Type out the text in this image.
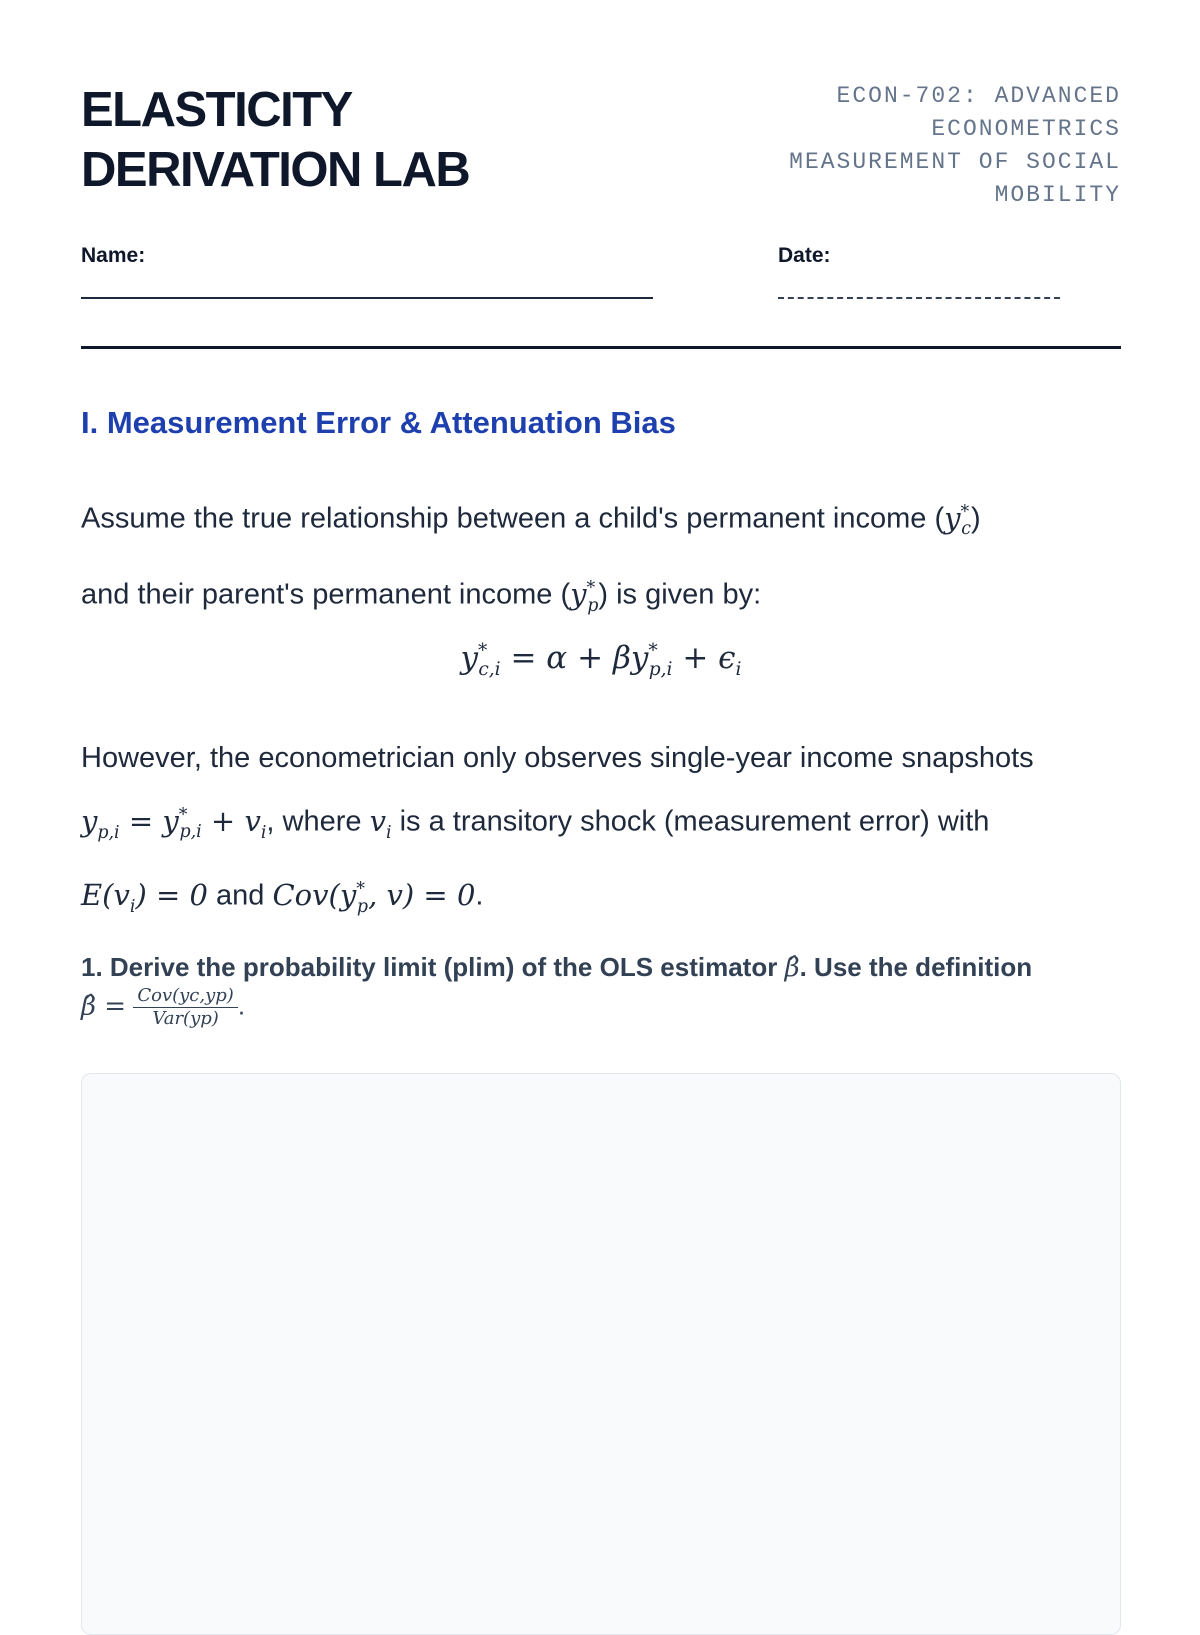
ELASTICITY
DERIVATION LAB
ECON-702: ADVANCED
ECONOMETRICS
MEASUREMENT OF SOCIAL
MOBILITY
Name:	Date:
I. Measurement Error & Attenuation Bias
Assume the true relationship between a child's permanent income $(y^*_c)$
and their parent's permanent income $(y^*_p)$ is given by:
$y^*_{c,i} = \alpha + \beta y^*_{p,i} + \epsilon_i$
However, the econometrician only observes single-year income snapshots
$y_{p,i} = y^*_{p,i} + v_i$, where $v_i$ is a transitory shock (measurement error) with
$E(v_i) = 0$ and $Cov(y^*_p$, v) = 0.
1. Derive the probability limit (plim) of the OLS estimator β̂. Use the definition
β̂ = $\frac{\text{Cov(yc,yp)}}{\text{Var(yp)}}$ .
